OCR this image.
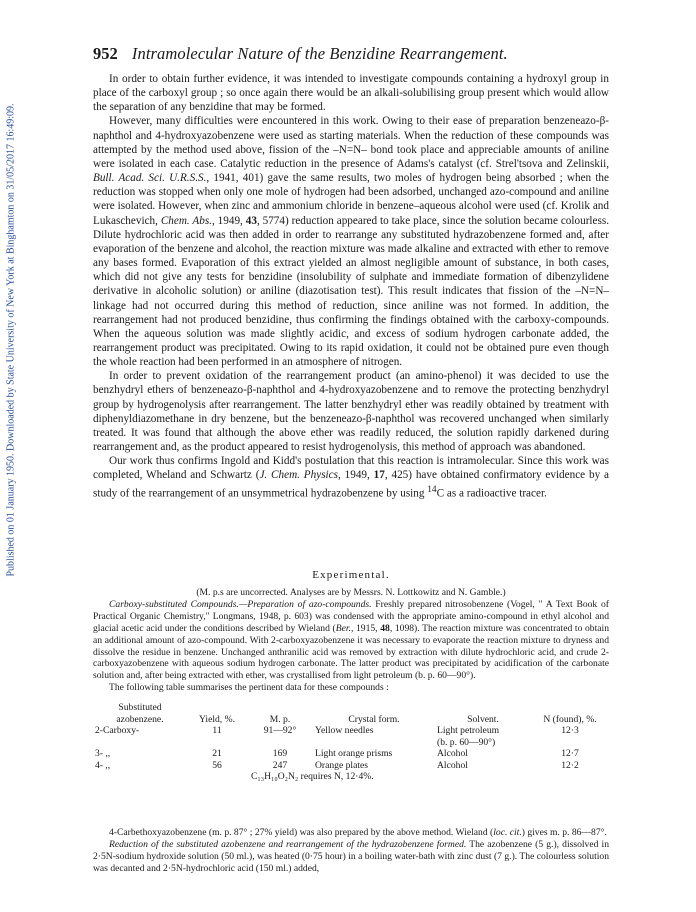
Published on 01 January 1950. Downloaded by State University of New York at Binghamton on 31/05/2017 16:49:09.
952 Intramolecular Nature of the Benzidine Rearrangement.

In order to obtain further evidence, it was intended to investigate compounds containing a hydroxyl group in place of the carboxyl group ; so once again there would be an alkali-solubilising group present which would allow the separation of any benzidine that may be formed.

However, many difficulties were encountered in this work. Owing to their ease of preparation benzeneazo-β-naphthol and 4-hydroxyazobenzene were used as starting materials. When the reduction of these compounds was attempted by the method used above, fission of the –N=N– bond took place and appreciable amounts of aniline were isolated in each case. Catalytic reduction in the presence of Adams's catalyst (cf. Strel'tsova and Zelinskii, Bull. Acad. Sci. U.R.S.S., 1941, 401) gave the same results, two moles of hydrogen being absorbed ; when the reduction was stopped when only one mole of hydrogen had been adsorbed, unchanged azo-compound and aniline were isolated. However, when zinc and ammonium chloride in benzene–aqueous alcohol were used (cf. Krolik and Lukaschevich, Chem. Abs., 1949, 43, 5774) reduction appeared to take place, since the solution became colourless. Dilute hydrochloric acid was then added in order to rearrange any substituted hydrazobenzene formed and, after evaporation of the benzene and alcohol, the reaction mixture was made alkaline and extracted with ether to remove any bases formed. Evaporation of this extract yielded an almost negligible amount of substance, in both cases, which did not give any tests for benzidine (insolubility of sulphate and immediate formation of dibenzylidene derivative in alcoholic solution) or aniline (diazotisation test). This result indicates that fission of the –N=N– linkage had not occurred during this method of reduction, since aniline was not formed. In addition, the rearrangement had not produced benzidine, thus confirming the findings obtained with the carboxy-compounds. When the aqueous solution was made slightly acidic, and excess of sodium hydrogen carbonate added, the rearrangement product was precipitated. Owing to its rapid oxidation, it could not be obtained pure even though the whole reaction had been performed in an atmosphere of nitrogen.

In order to prevent oxidation of the rearrangement product (an amino-phenol) it was decided to use the benzhydryl ethers of benzeneazo-β-naphthol and 4-hydroxyazobenzene and to remove the protecting benzhydryl group by hydrogenolysis after rearrangement. The latter benzhydryl ether was readily obtained by treatment with diphenyldiazomethane in dry benzene, but the benzeneazo-β-naphthol was recovered unchanged when similarly treated. It was found that although the above ether was readily reduced, the solution rapidly darkened during rearrangement and, as the product appeared to resist hydrogenolysis, this method of approach was abandoned.

Our work thus confirms Ingold and Kidd's postulation that this reaction is intramolecular. Since this work was completed, Wheland and Schwartz (J. Chem. Physics, 1949, 17, 425) have obtained confirmatory evidence by a study of the rearrangement of an unsymmetrical hydrazobenzene by using $^{14}$C as a radioactive tracer.

Experimental.
(M. p.s are uncorrected. Analyses are by Messrs. N. Lottkowitz and N. Gamble.)

Carboxy-substituted Compounds.—Preparation of azo-compounds. Freshly prepared nitrosobenzene (Vogel, " A Text Book of Practical Organic Chemistry," Longmans, 1948, p. 603) was condensed with the appropriate amino-compound in ethyl alcohol and glacial acetic acid under the conditions described by Wieland (Ber., 1915, 48, 1098). The reaction mixture was concentrated to obtain an additional amount of azo-compound. With 2-carboxyazobenzene it was necessary to evaporate the reaction mixture to dryness and dissolve the residue in benzene. Unchanged anthranilic acid was removed by extraction with dilute hydrochloric acid, and crude 2-carboxyazobenzene with aqueous sodium hydrogen carbonate. The latter product was precipitated by acidification of the carbonate solution and, after being extracted with ether, was crystallised from light petroleum (b. p. 60—90°).

The following table summarises the pertinent data for these compounds :

Substituted azobenzene.	Yield, %.	M. p.	Crystal form.	Solvent.	N (found), %.
2-Carboxy-	11	91—92°	Yellow needles	Light petroleum	12·3
				(b. p. 60—90°)	
3- ,,	21	169	Light orange prisms	Alcohol	12·7
4- ,,	56	247	Orange plates	Alcohol	12·2
		C₁₃H₁₀O₂N₂ requires N, 12·4%.			

4-Carbethoxyazobenzene (m. p. 87° ; 27% yield) was also prepared by the above method. Wieland (loc. cit.) gives m. p. 86—87°.

Reduction of the substituted azobenzene and rearrangement of the hydrazobenzene formed. The azobenzene (5 g.), dissolved in 2·5N-sodium hydroxide solution (50 ml.), was heated (0·75 hour) in a boiling water-bath with zinc dust (7 g.). The colourless solution was decanted and 2·5N-hydrochloric acid (150 ml.) added,
